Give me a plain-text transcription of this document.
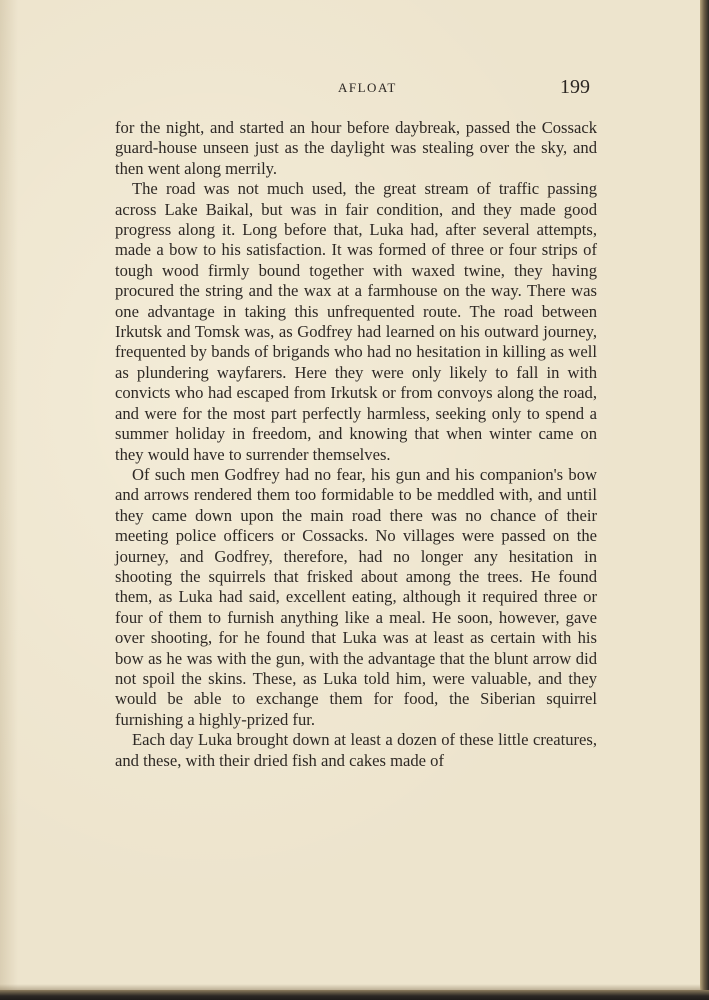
AFLOAT	199

for the night, and started an hour before daybreak, passed the Cossack guard-house unseen just as the daylight was stealing over the sky, and then went along merrily.

The road was not much used, the great stream of traffic passing across Lake Baikal, but was in fair condition, and they made good progress along it. Long before that, Luka had, after several attempts, made a bow to his satisfaction. It was formed of three or four strips of tough wood firmly bound together with waxed twine, they having procured the string and the wax at a farmhouse on the way. There was one advantage in taking this unfrequented route. The road between Irkutsk and Tomsk was, as Godfrey had learned on his outward journey, frequented by bands of brigands who had no hesitation in killing as well as plundering wayfarers. Here they were only likely to fall in with convicts who had escaped from Irkutsk or from convoys along the road, and were for the most part perfectly harmless, seeking only to spend a summer holiday in freedom, and knowing that when winter came on they would have to surrender themselves.

Of such men Godfrey had no fear, his gun and his companion's bow and arrows rendered them too formidable to be meddled with, and until they came down upon the main road there was no chance of their meeting police officers or Cossacks. No villages were passed on the journey, and Godfrey, therefore, had no longer any hesitation in shooting the squirrels that frisked about among the trees. He found them, as Luka had said, excellent eating, although it required three or four of them to furnish anything like a meal. He soon, however, gave over shooting, for he found that Luka was at least as certain with his bow as he was with the gun, with the advantage that the blunt arrow did not spoil the skins. These, as Luka told him, were valuable, and they would be able to exchange them for food, the Siberian squirrel furnishing a highly-prized fur.

Each day Luka brought down at least a dozen of these little creatures, and these, with their dried fish and cakes made of
